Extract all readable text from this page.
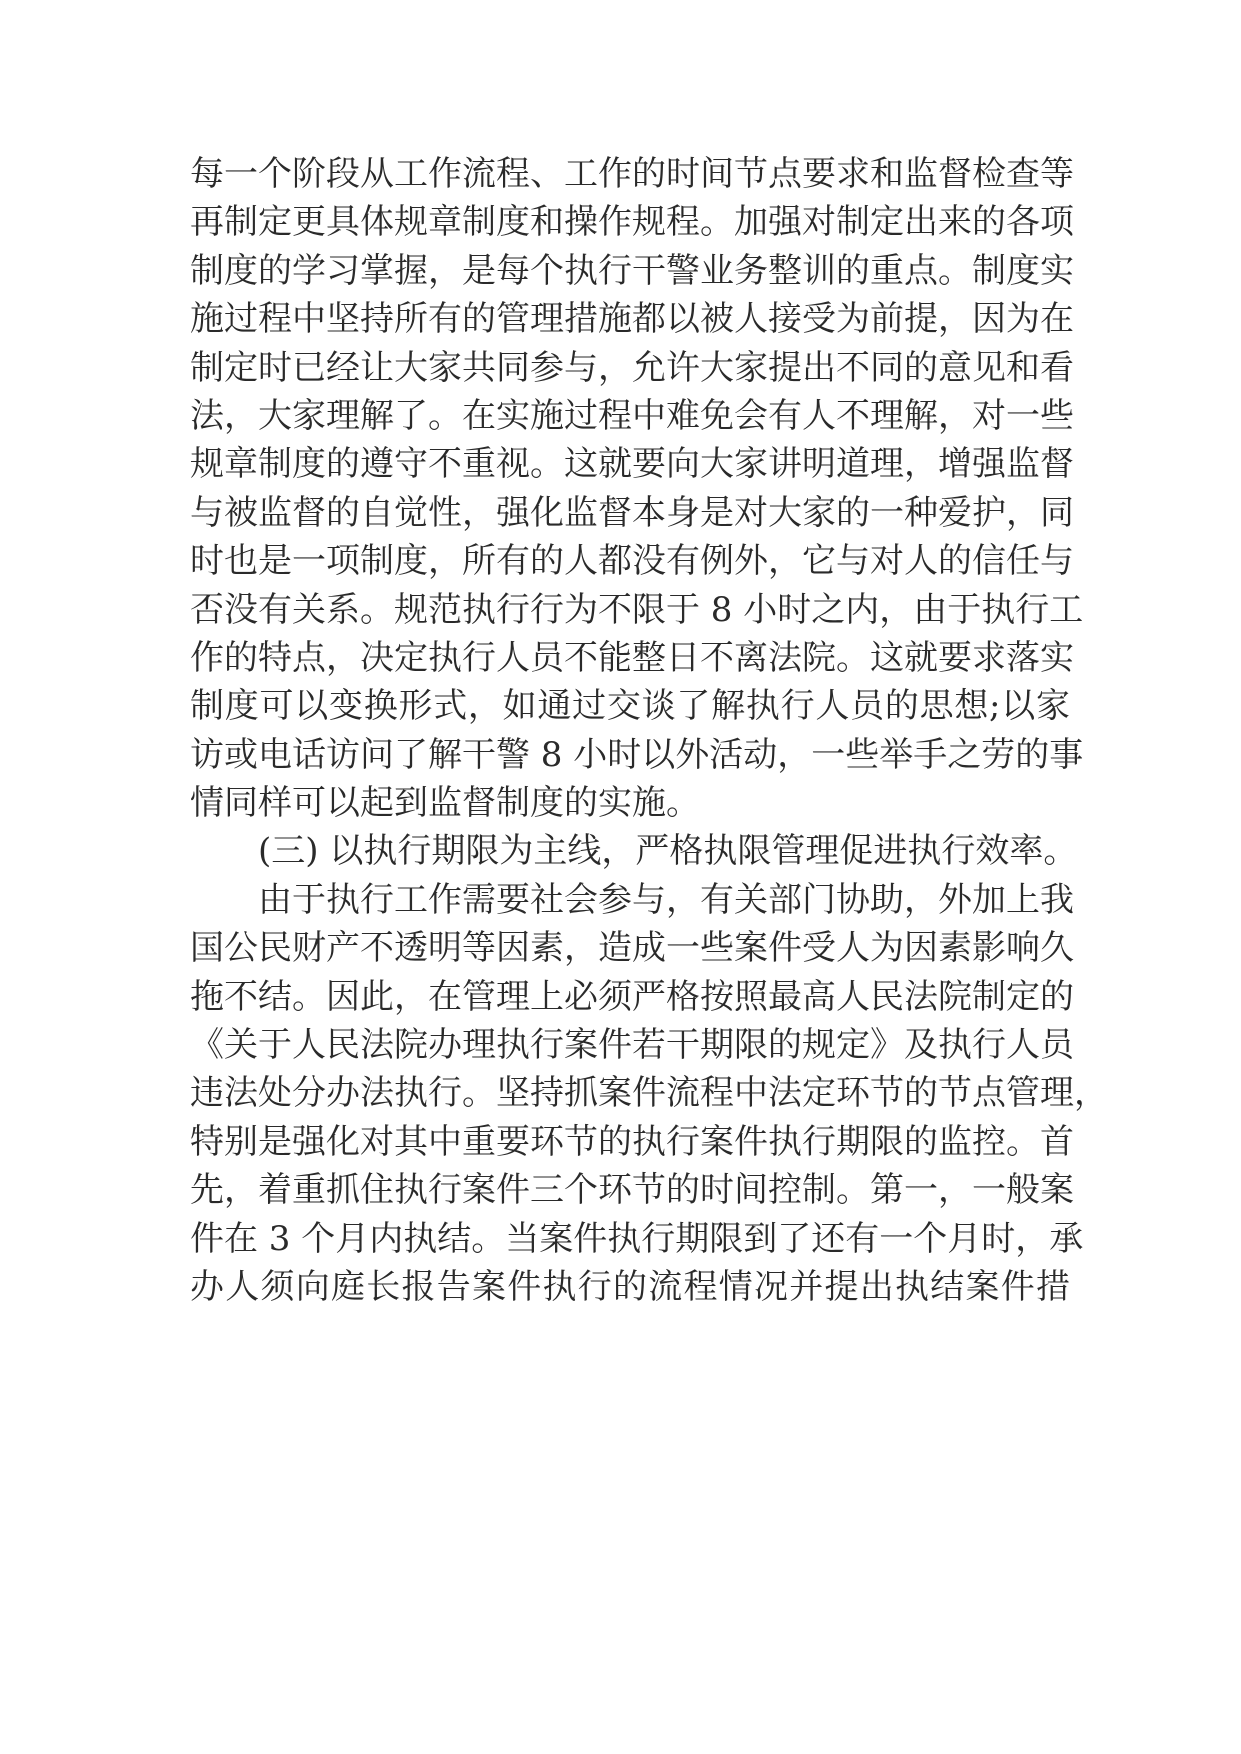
每一个阶段从工作流程、工作的时间节点要求和监督检查等
再制定更具体规章制度和操作规程。加强对制定出来的各项
制度的学习掌握，是每个执行干警业务整训的重点。制度实
施过程中坚持所有的管理措施都以被人接受为前提，因为在
制定时已经让大家共同参与，允许大家提出不同的意见和看
法，大家理解了。在实施过程中难免会有人不理解，对一些
规章制度的遵守不重视。这就要向大家讲明道理，增强监督
与被监督的自觉性，强化监督本身是对大家的一种爱护，同
时也是一项制度，所有的人都没有例外，它与对人的信任与
否没有关系。规范执行行为不限于 8 小时之内，由于执行工
作的特点，决定执行人员不能整日不离法院。这就要求落实
制度可以变换形式，如通过交谈了解执行人员的思想;以家
访或电话访问了解干警 8 小时以外活动，一些举手之劳的事
情同样可以起到监督制度的实施。
(三) 以执行期限为主线，严格执限管理促进执行效率。
由于执行工作需要社会参与，有关部门协助，外加上我
国公民财产不透明等因素，造成一些案件受人为因素影响久
拖不结。因此，在管理上必须严格按照最高人民法院制定的
《关于人民法院办理执行案件若干期限的规定》及执行人员
违法处分办法执行。坚持抓案件流程中法定环节的节点管理，
特别是强化对其中重要环节的执行案件执行期限的监控。首
先，着重抓住执行案件三个环节的时间控制。第一，一般案
件在 3 个月内执结。当案件执行期限到了还有一个月时，承
办人须向庭长报告案件执行的流程情况并提出执结案件措
